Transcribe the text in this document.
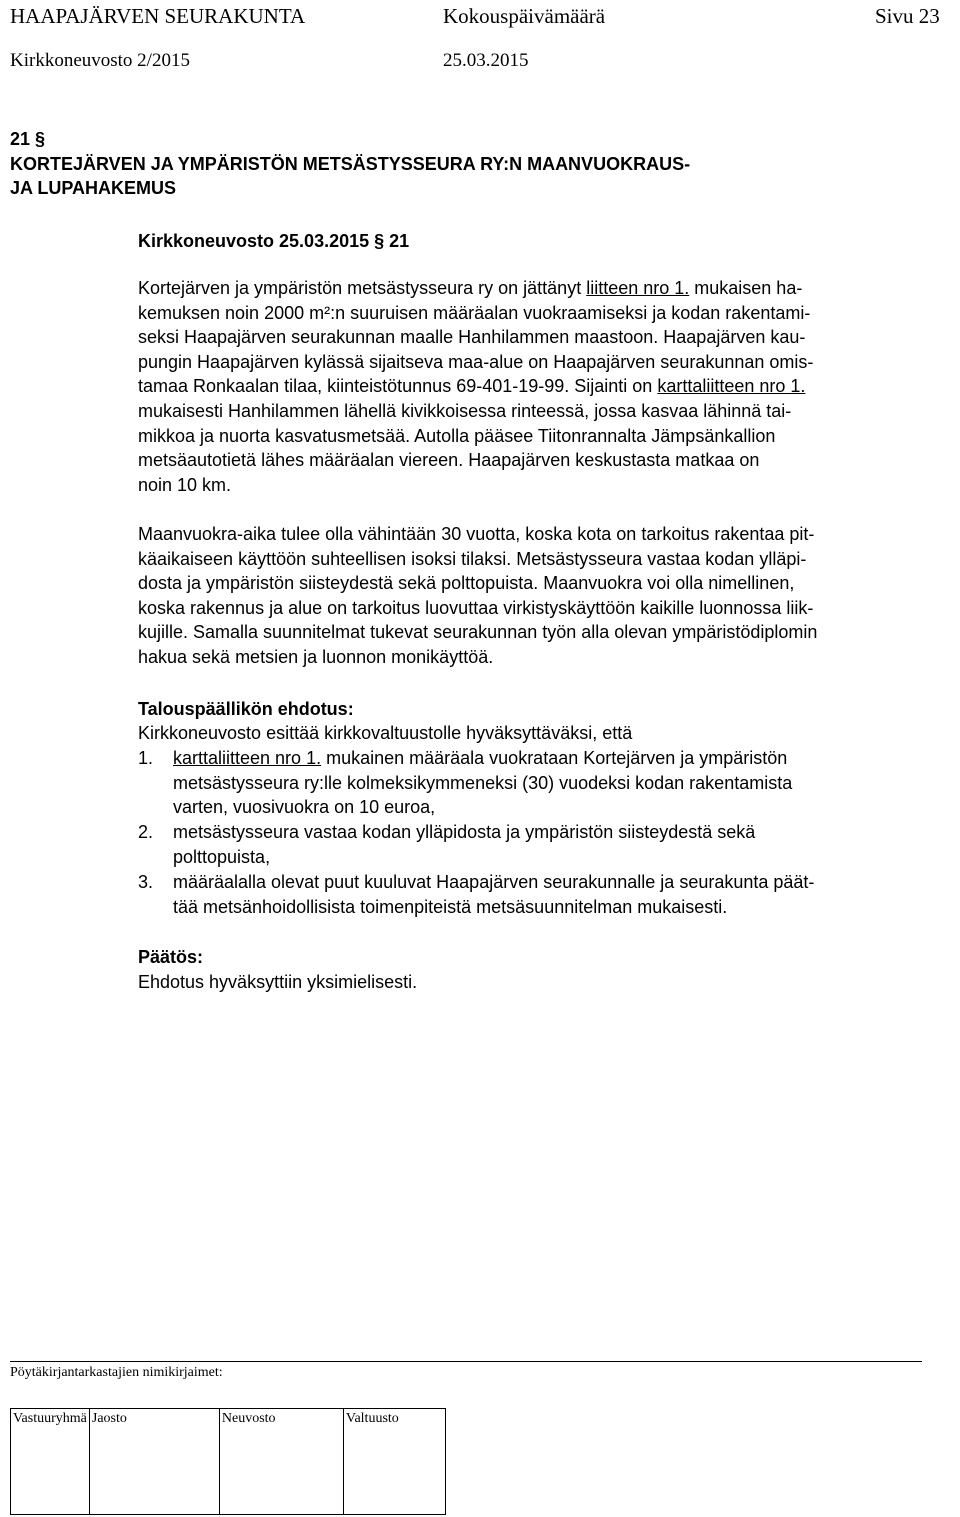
HAAPAJÄRVEN SEURAKUNTA	Kokouspäivämäärä	Sivu 23
Kirkkoneuvosto 2/2015	25.03.2015
21 §
KORTEJÄRVEN JA YMPÄRISTÖN METSÄSTYSSEURA RY:N MAANVUOKRAUS-
JA LUPAHAKEMUS
Kirkkoneuvosto 25.03.2015 § 21
Kortejärven ja ympäristön metsästysseura ry on jättänyt liitteen nro 1. mukaisen ha-
kemuksen noin 2000 m²:n suuruisen määräalan vuokraamiseksi ja kodan rakentami-
seksi Haapajärven seurakunnan maalle Hanhilammen maastoon. Haapajärven kau-
pungin Haapajärven kylässä sijaitseva maa-alue on Haapajärven seurakunnan omis-
tamaa Ronkaalan tilaa, kiinteistötunnus 69-401-19-99. Sijainti on karttaliitteen nro 1.
mukaisesti Hanhilammen lähellä kivikkoisessa rinteessä, jossa kasvaa lähinnä tai-
mikkoa ja nuorta kasvatusmetsää. Autolla pääsee Tiitonrannalta Jämpsänkallion
metsäautotietä lähes määräalan viereen. Haapajärven keskustasta matkaa on
noin 10 km.
Maanvuokra-aika tulee olla vähintään 30 vuotta, koska kota on tarkoitus rakentaa pit-
käaikaiseen käyttöön suhteellisen isoksi tilaksi. Metsästysseura vastaa kodan ylläpi-
dosta ja ympäristön siisteydestä sekä polttopuista. Maanvuokra voi olla nimellinen,
koska rakennus ja alue on tarkoitus luovuttaa virkistyskäyttöön kaikille luonnossa liik-
kujille. Samalla suunnitelmat tukevat seurakunnan työn alla olevan ympäristödiplomin
hakua sekä metsien ja luonnon monikäyttöä.
Talouspäällikön ehdotus:
Kirkkoneuvosto esittää kirkkovaltuustolle hyväksyttäväksi, että
1. karttaliitteen nro 1. mukainen määräala vuokrataan Kortejärven ja ympäristön
metsästysseura ry:lle kolmeksikymmeneksi (30) vuodeksi kodan rakentamista
varten, vuosivuokra on 10 euroa,
2. metsästysseura vastaa kodan ylläpidosta ja ympäristön siisteydestä sekä
polttopuista,
3. määräalalla olevat puut kuuluvat Haapajärven seurakunnalle ja seurakunta päät-
tää metsänhoidollisista toimenpiteistä metsäsuunnitelman mukaisesti.
Päätös:
Ehdotus hyväksyttiin yksimielisesti.
Pöytäkirjantarkastajien nimikirjaimet:
Vastuuryhmä	Jaosto	Neuvosto	Valtuusto
